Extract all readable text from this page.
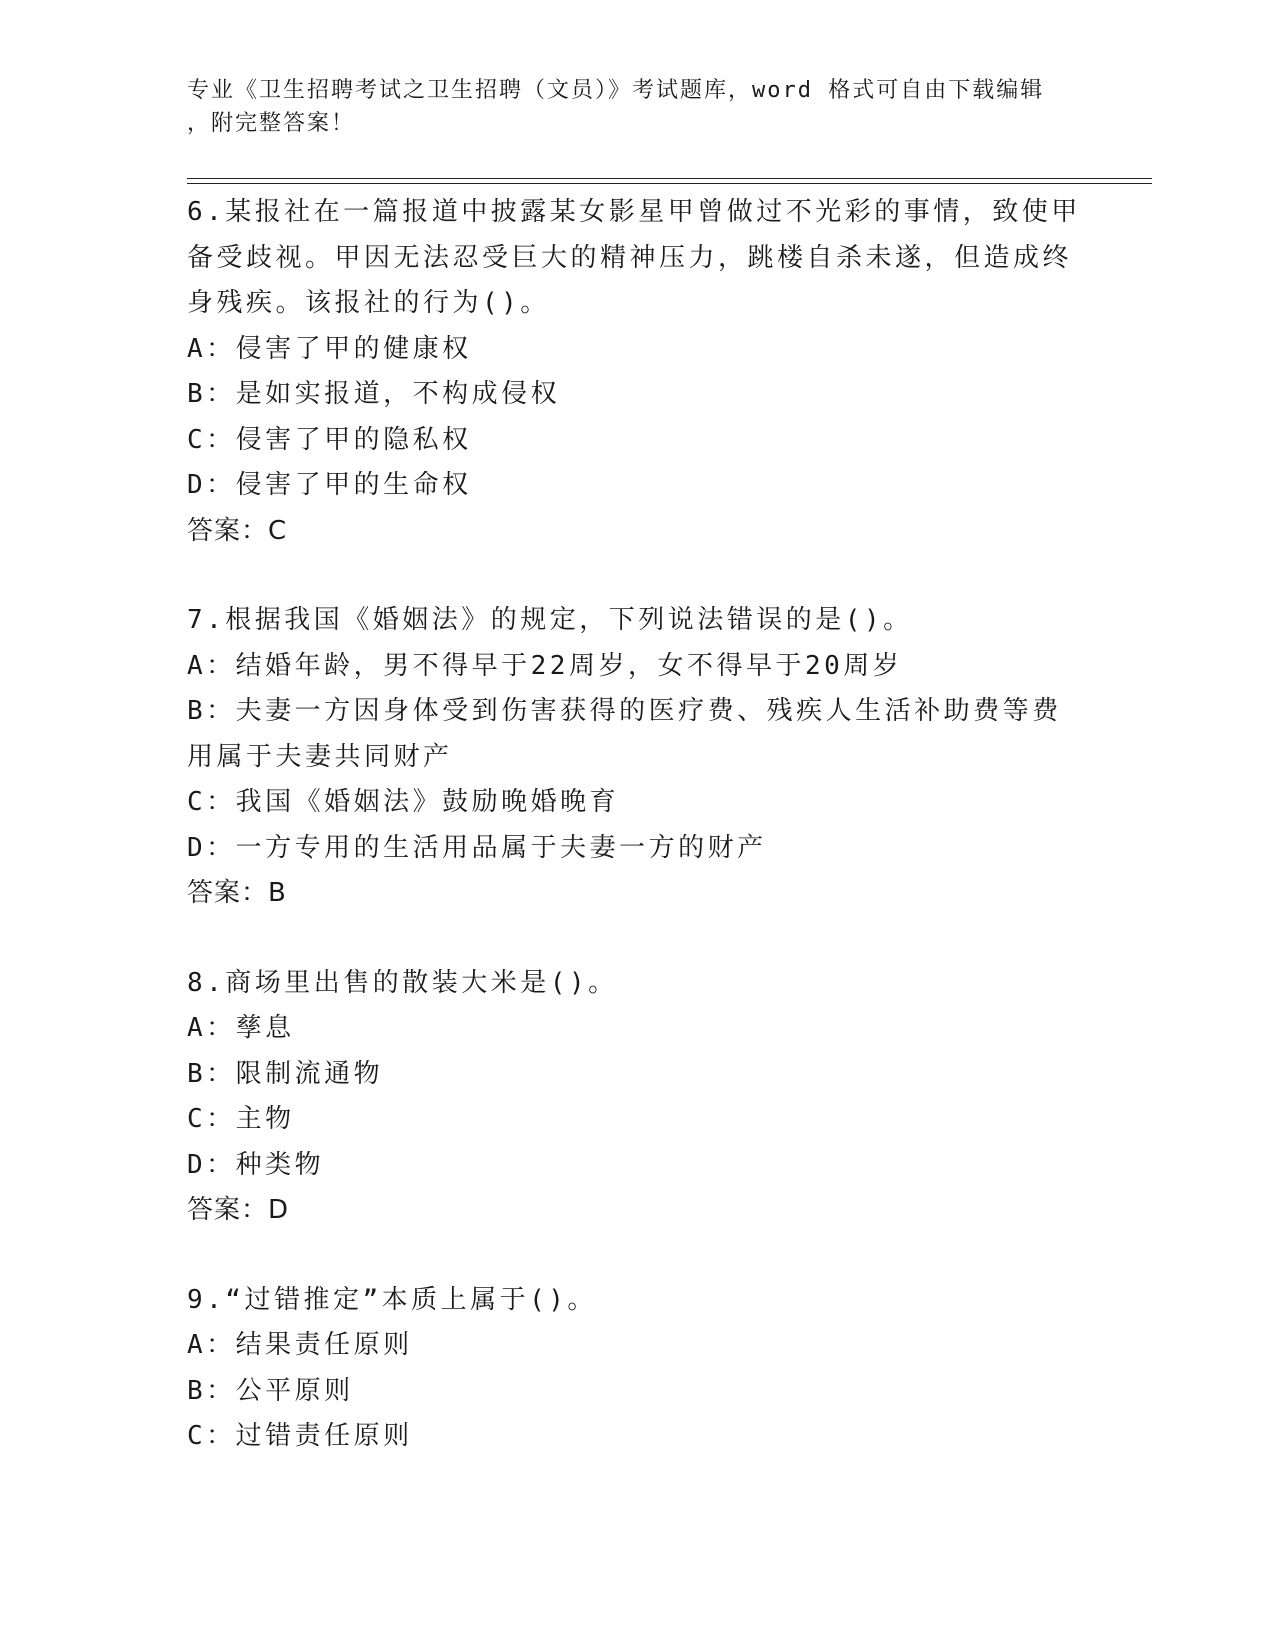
专业《卫生招聘考试之卫生招聘（文员）》考试题库，word 格式可自由下载编辑
，附完整答案！

6.某报社在一篇报道中披露某女影星甲曾做过不光彩的事情，致使甲备受歧视。甲因无法忍受巨大的精神压力，跳楼自杀未遂，但造成终身残疾。该报社的行为()。

A：侵害了甲的健康权

B：是如实报道，不构成侵权

C：侵害了甲的隐私权

D：侵害了甲的生命权

答案：C

7.根据我国《婚姻法》的规定，下列说法错误的是()。

A：结婚年龄，男不得早于22周岁，女不得早于20周岁

B：夫妻一方因身体受到伤害获得的医疗费、残疾人生活补助费等费用属于夫妻共同财产

C：我国《婚姻法》鼓励晚婚晚育

D：一方专用的生活用品属于夫妻一方的财产

答案：B

8.商场里出售的散装大米是()。

A：孳息

B：限制流通物

C：主物

D：种类物

答案：D

9.“过错推定”本质上属于()。

A：结果责任原则

B：公平原则

C：过错责任原则
